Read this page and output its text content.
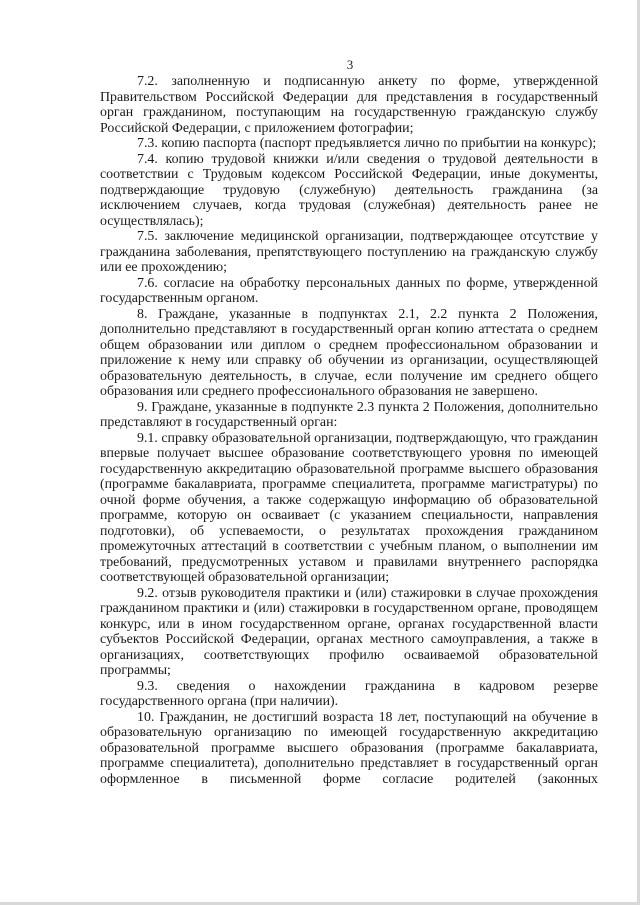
3

7.2. заполненную и подписанную анкету по форме, утвержденной Правительством Российской Федерации для представления в государственный орган гражданином, поступающим на государственную гражданскую службу Российской Федерации, с приложением фотографии;

7.3. копию паспорта (паспорт предъявляется лично по прибытии на конкурс);

7.4. копию трудовой книжки и/или сведения о трудовой деятельности в соответствии с Трудовым кодексом Российской Федерации, иные документы, подтверждающие трудовую (служебную) деятельность гражданина (за исключением случаев, когда трудовая (служебная) деятельность ранее не осуществлялась);

7.5. заключение медицинской организации, подтверждающее отсутствие у гражданина заболевания, препятствующего поступлению на гражданскую службу или ее прохождению;

7.6. согласие на обработку персональных данных по форме, утвержденной государственным органом.

8. Граждане, указанные в подпунктах 2.1, 2.2 пункта 2 Положения, дополнительно представляют в государственный орган копию аттестата о среднем общем образовании или диплом о среднем профессиональном образовании и приложение к нему или справку об обучении из организации, осуществляющей образовательную деятельность, в случае, если получение им среднего общего образования или среднего профессионального образования не завершено.

9. Граждане, указанные в подпункте 2.3 пункта 2 Положения, дополнительно представляют в государственный орган:

9.1. справку образовательной организации, подтверждающую, что гражданин впервые получает высшее образование соответствующего уровня по имеющей государственную аккредитацию образовательной программе высшего образования (программе бакалавриата, программе специалитета, программе магистратуры) по очной форме обучения, а также содержащую информацию об образовательной программе, которую он осваивает (с указанием специальности, направления подготовки), об успеваемости, о результатах прохождения гражданином промежуточных аттестаций в соответствии с учебным планом, о выполнении им требований, предусмотренных уставом и правилами внутреннего распорядка соответствующей образовательной организации;

9.2. отзыв руководителя практики и (или) стажировки в случае прохождения гражданином практики и (или) стажировки в государственном органе, проводящем конкурс, или в ином государственном органе, органах государственной власти субъектов Российской Федерации, органах местного самоуправления, а также в организациях, соответствующих профилю осваиваемой образовательной программы;

9.3. сведения о нахождении гражданина в кадровом резерве государственного органа (при наличии).

10. Гражданин, не достигший возраста 18 лет, поступающий на обучение в образовательную организацию по имеющей государственную аккредитацию образовательной программе высшего образования (программе бакалавриата, программе специалитета), дополнительно представляет в государственный орган оформленное в письменной форме согласие родителей (законных
